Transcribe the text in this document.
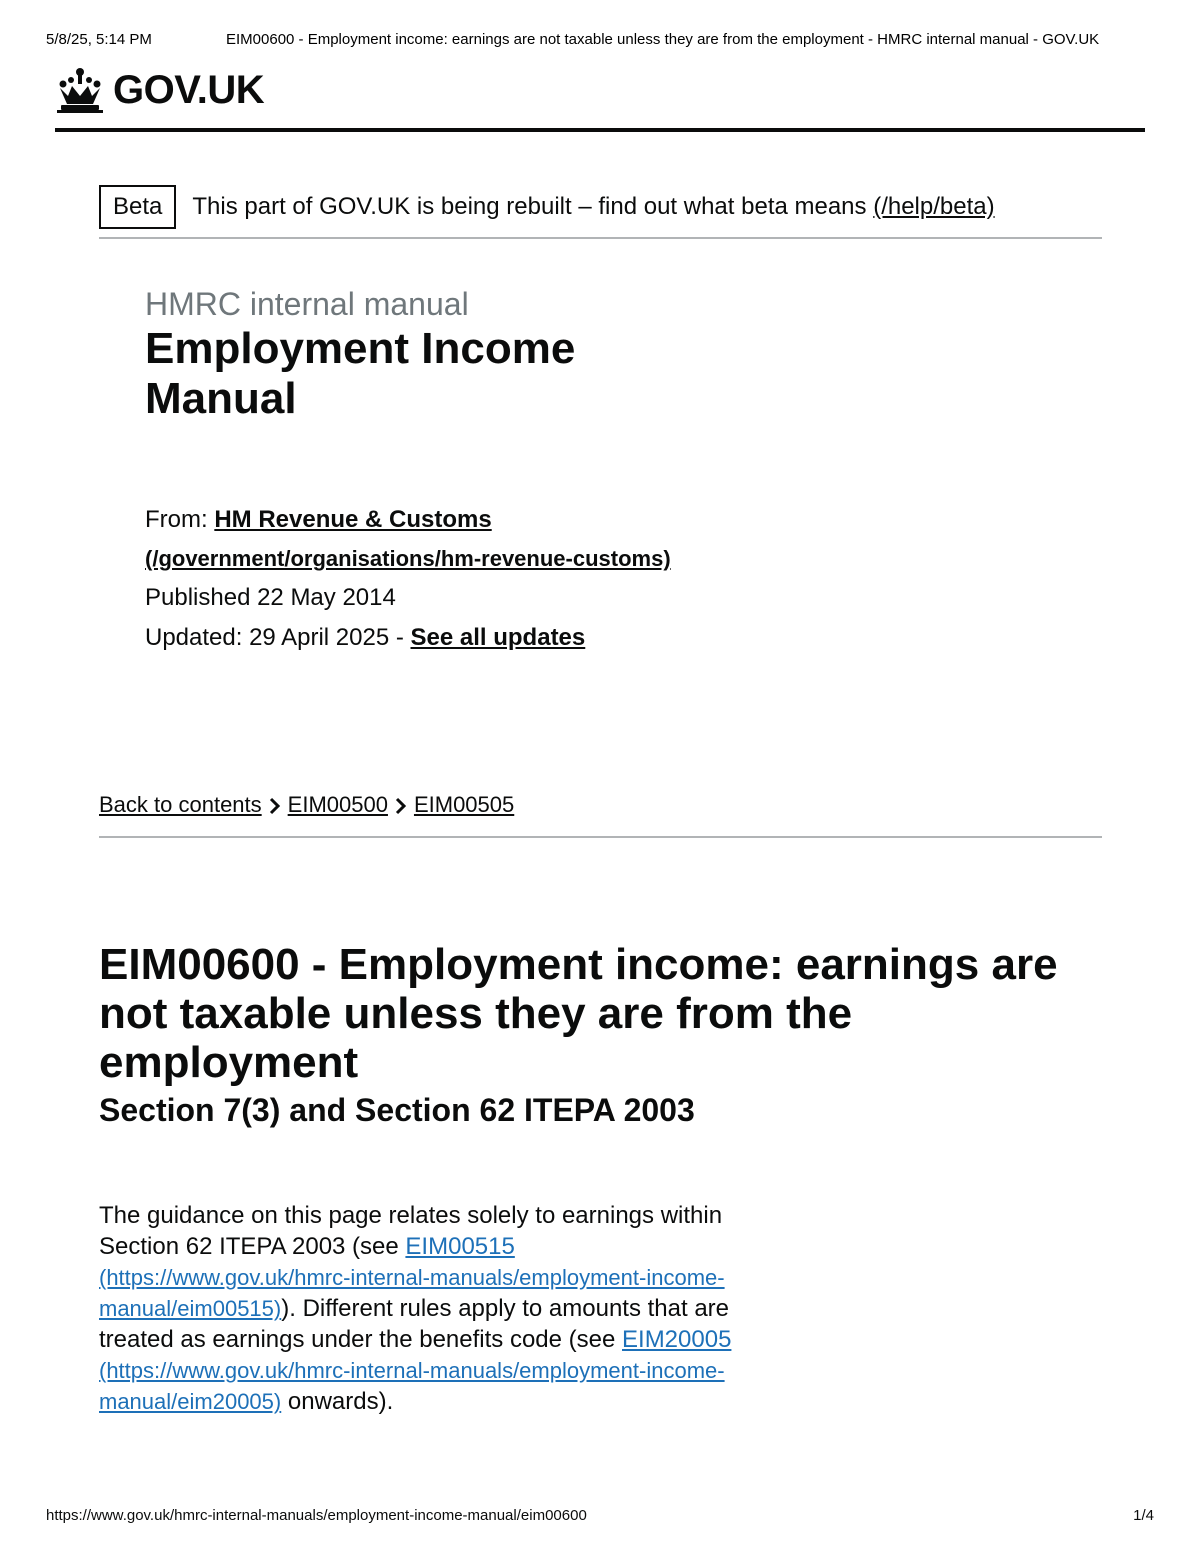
5/8/25, 5:14 PM	EIM00600 - Employment income: earnings are not taxable unless they are from the employment - HMRC internal manual - GOV.UK
GOV.UK
Beta	This part of GOV.UK is being rebuilt – find out what beta means (/help/beta)
HMRC internal manual
Employment Income Manual
From: HM Revenue & Customs
(/government/organisations/hm-revenue-customs)
Published 22 May 2014
Updated: 29 April 2025 - See all updates
Back to contents EIM00500 EIM00505
EIM00600 - Employment income: earnings are not taxable unless they are from the employment
Section 7(3) and Section 62 ITEPA 2003

The guidance on this page relates solely to earnings within Section 62 ITEPA 2003 (see EIM00515 (https://www.gov.uk/hmrc-internal-manuals/employment-income-manual/eim00515)). Different rules apply to amounts that are treated as earnings under the benefits code (see EIM20005 (https://www.gov.uk/hmrc-internal-manuals/employment-income-manual/eim20005) onwards).

https://www.gov.uk/hmrc-internal-manuals/employment-income-manual/eim00600	1/4
